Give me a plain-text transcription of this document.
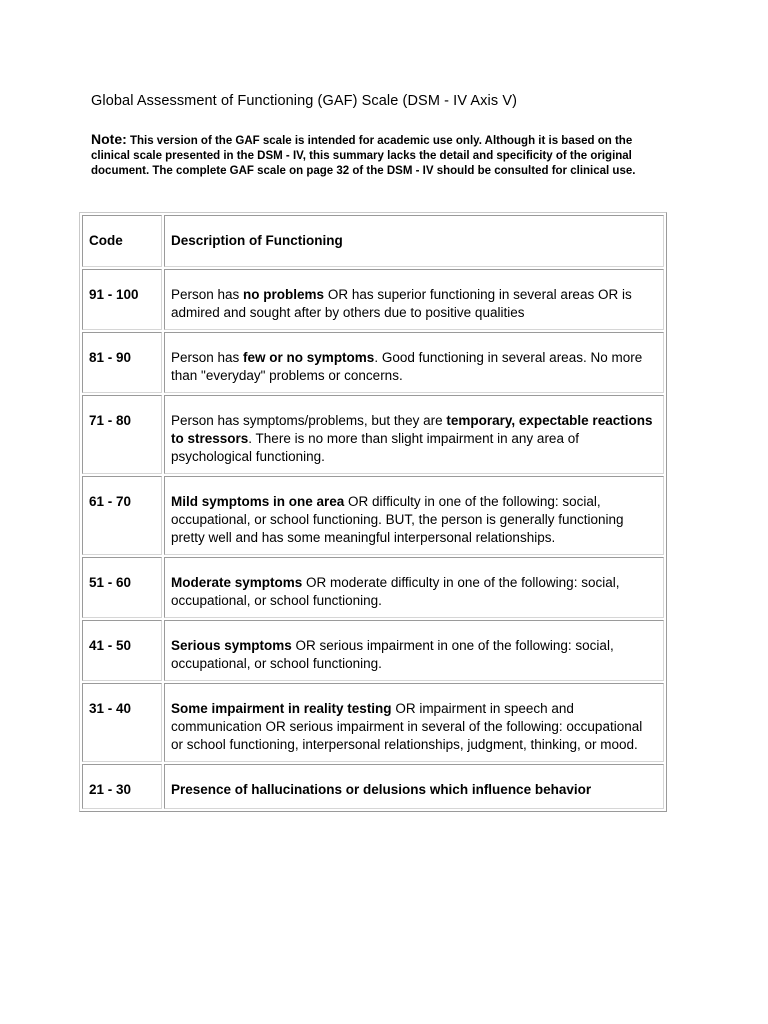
Global Assessment of Functioning (GAF) Scale (DSM - IV Axis V)
Note: This version of the GAF scale is intended for academic use only. Although it is based on the clinical scale presented in the DSM - IV, this summary lacks the detail and specificity of the original document. The complete GAF scale on page 32 of the DSM - IV should be consulted for clinical use.
Code	Description of Functioning
91 - 100	Person has no problems OR has superior functioning in several areas OR is admired and sought after by others due to positive qualities
81 - 90	Person has few or no symptoms. Good functioning in several areas. No more than "everyday" problems or concerns.
71 - 80	Person has symptoms/problems, but they are temporary, expectable reactions to stressors. There is no more than slight impairment in any area of psychological functioning.
61 - 70	Mild symptoms in one area OR difficulty in one of the following: social, occupational, or school functioning. BUT, the person is generally functioning pretty well and has some meaningful interpersonal relationships.
51 - 60	Moderate symptoms OR moderate difficulty in one of the following: social, occupational, or school functioning.
41 - 50	Serious symptoms OR serious impairment in one of the following: social, occupational, or school functioning.
31 - 40	Some impairment in reality testing OR impairment in speech and communication OR serious impairment in several of the following: occupational or school functioning, interpersonal relationships, judgment, thinking, or mood.
21 - 30	Presence of hallucinations or delusions which influence behavior
